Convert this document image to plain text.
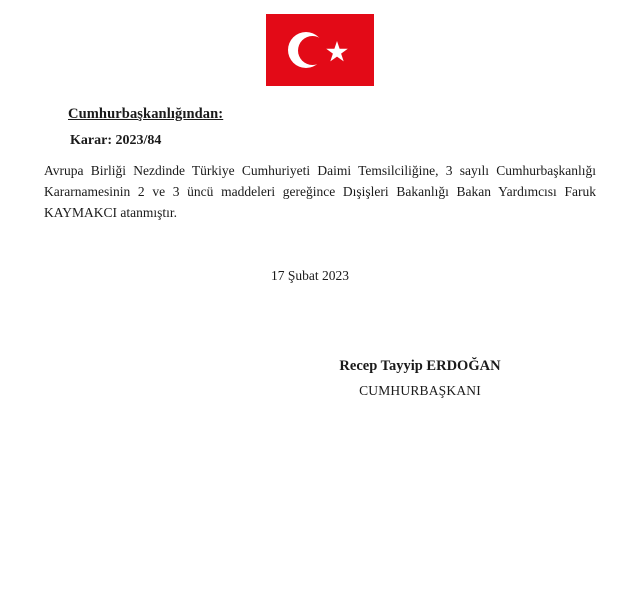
Cumhurbaşkanlığından:
Karar: 2023/84
Avrupa Birliği Nezdinde Türkiye Cumhuriyeti Daimi Temsilciliğine, 3 sayılı Cumhurbaşkanlığı Kararnamesinin 2 ve 3 üncü maddeleri gereğince Dışişleri Bakanlığı Bakan Yardımcısı Faruk KAYMAKCI atanmıştır.
17 Şubat 2023
Recep Tayyip ERDOĞAN
CUMHURBAŞKANI
